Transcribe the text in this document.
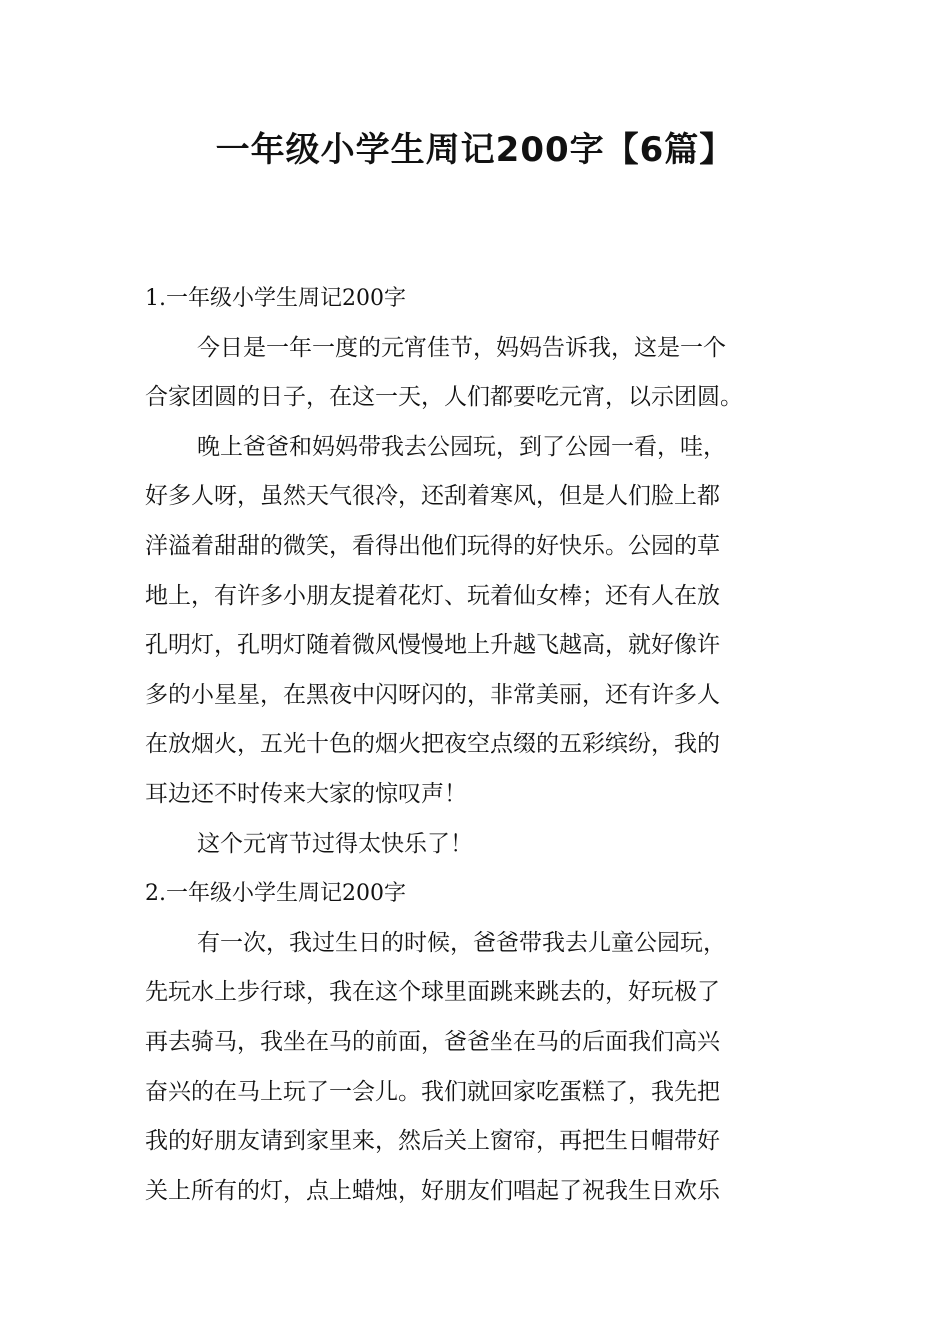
一年级小学生周记200字【6篇】
1.一年级小学生周记200字
今日是一年一度的元宵佳节，妈妈告诉我，这是一个
合家团圆的日子，在这一天，人们都要吃元宵，以示团圆。
晚上爸爸和妈妈带我去公园玩，到了公园一看，哇，
好多人呀，虽然天气很冷，还刮着寒风，但是人们脸上都
洋溢着甜甜的微笑，看得出他们玩得的好快乐。公园的草
地上，有许多小朋友提着花灯、玩着仙女棒；还有人在放
孔明灯，孔明灯随着微风慢慢地上升越飞越高，就好像许
多的小星星，在黑夜中闪呀闪的，非常美丽，还有许多人
在放烟火，五光十色的烟火把夜空点缀的五彩缤纷，我的
耳边还不时传来大家的惊叹声！
这个元宵节过得太快乐了！
2.一年级小学生周记200字
有一次，我过生日的时候，爸爸带我去儿童公园玩，
先玩水上步行球，我在这个球里面跳来跳去的，好玩极了
再去骑马，我坐在马的前面，爸爸坐在马的后面我们高兴
奋兴的在马上玩了一会儿。我们就回家吃蛋糕了，我先把
我的好朋友请到家里来，然后关上窗帘，再把生日帽带好
关上所有的灯，点上蜡烛，好朋友们唱起了祝我生日欢乐
